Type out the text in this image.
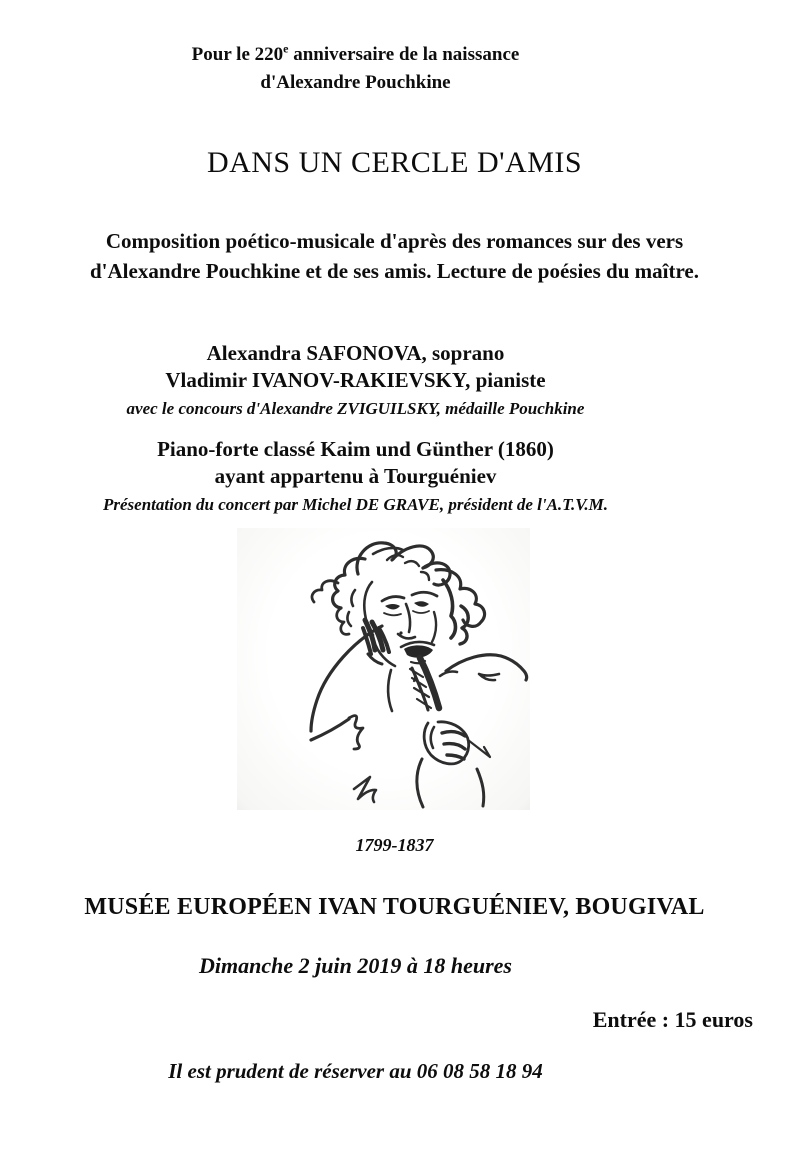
Pour le 220e anniversaire de la naissance
d'Alexandre Pouchkine
DANS UN CERCLE D'AMIS
Composition poético-musicale d'après des romances sur des vers
d'Alexandre Pouchkine et de ses amis. Lecture de poésies du maître.
Alexandra SAFONOVA, soprano
Vladimir IVANOV-RAKIEVSKY, pianiste
avec le concours d'Alexandre ZVIGUILSKY, médaille Pouchkine
Piano-forte classé Kaim und Günther (1860)
ayant appartenu à Tourguéniev
Présentation du concert par Michel DE GRAVE, président de l'A.T.V.M.
1799-1837
MUSÉE EUROPÉEN IVAN TOURGUÉNIEV, BOUGIVAL
Dimanche 2 juin 2019 à 18 heures
Entrée : 15 euros
Il est prudent de réserver au 06 08 58 18 94
